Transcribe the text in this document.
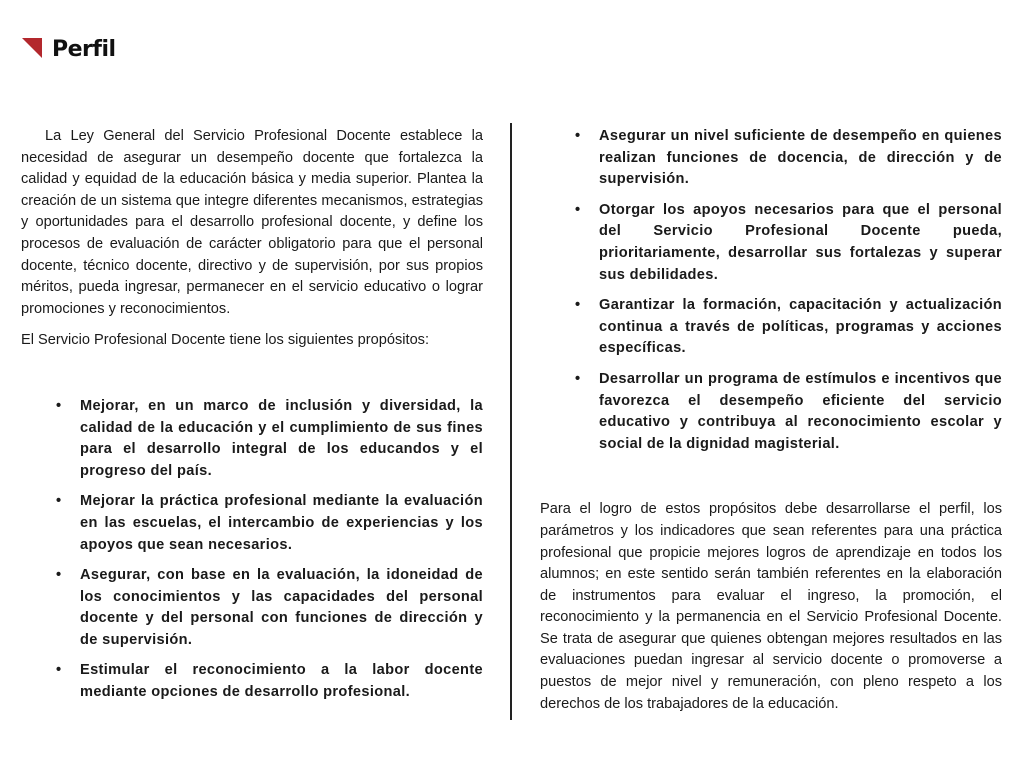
Perfil

La Ley General del Servicio Profesional Docente establece la necesidad de asegurar un desempeño docente que fortalezca la calidad y equidad de la educación básica y media superior. Plantea la creación de un sistema que integre diferentes mecanismos, estrategias y oportunidades para el desarrollo profesional docente, y define los procesos de evaluación de carácter obligatorio para que el personal docente, técnico docente, directivo y de supervisión, por sus propios méritos, pueda ingresar, permanecer en el servicio educativo o lograr promociones y reconocimientos.

El Servicio Profesional Docente tiene los siguientes propósitos:

• Mejorar, en un marco de inclusión y diversidad, la calidad de la educación y el cumplimiento de sus fines para el desarrollo integral de los educandos y el progreso del país.
• Mejorar la práctica profesional mediante la evaluación en las escuelas, el intercambio de experiencias y los apoyos que sean necesarios.
• Asegurar, con base en la evaluación, la idoneidad de los conocimientos y las capacidades del personal docente y del personal con funciones de dirección y de supervisión.
• Estimular el reconocimiento a la labor docente mediante opciones de desarrollo profesional.
• Asegurar un nivel suficiente de desempeño en quienes realizan funciones de docencia, de dirección y de supervisión.
• Otorgar los apoyos necesarios para que el personal del Servicio Profesional Docente pueda, prioritariamente, desarrollar sus fortalezas y superar sus debilidades.
• Garantizar la formación, capacitación y actualización continua a través de políticas, programas y acciones específicas.
• Desarrollar un programa de estímulos e incentivos que favorezca el desempeño eficiente del servicio educativo y contribuya al reconocimiento escolar y social de la dignidad magisterial.

Para el logro de estos propósitos debe desarrollarse el perfil, los parámetros y los indicadores que sean referentes para una práctica profesional que propicie mejores logros de aprendizaje en todos los alumnos; en este sentido serán también referentes en la elaboración de instrumentos para evaluar el ingreso, la promoción, el reconocimiento y la permanencia en el Servicio Profesional Docente. Se trata de asegurar que quienes obtengan mejores resultados en las evaluaciones puedan ingresar al servicio docente o promoverse a puestos de mejor nivel y remuneración, con pleno respeto a los derechos de los trabajadores de la educación.
